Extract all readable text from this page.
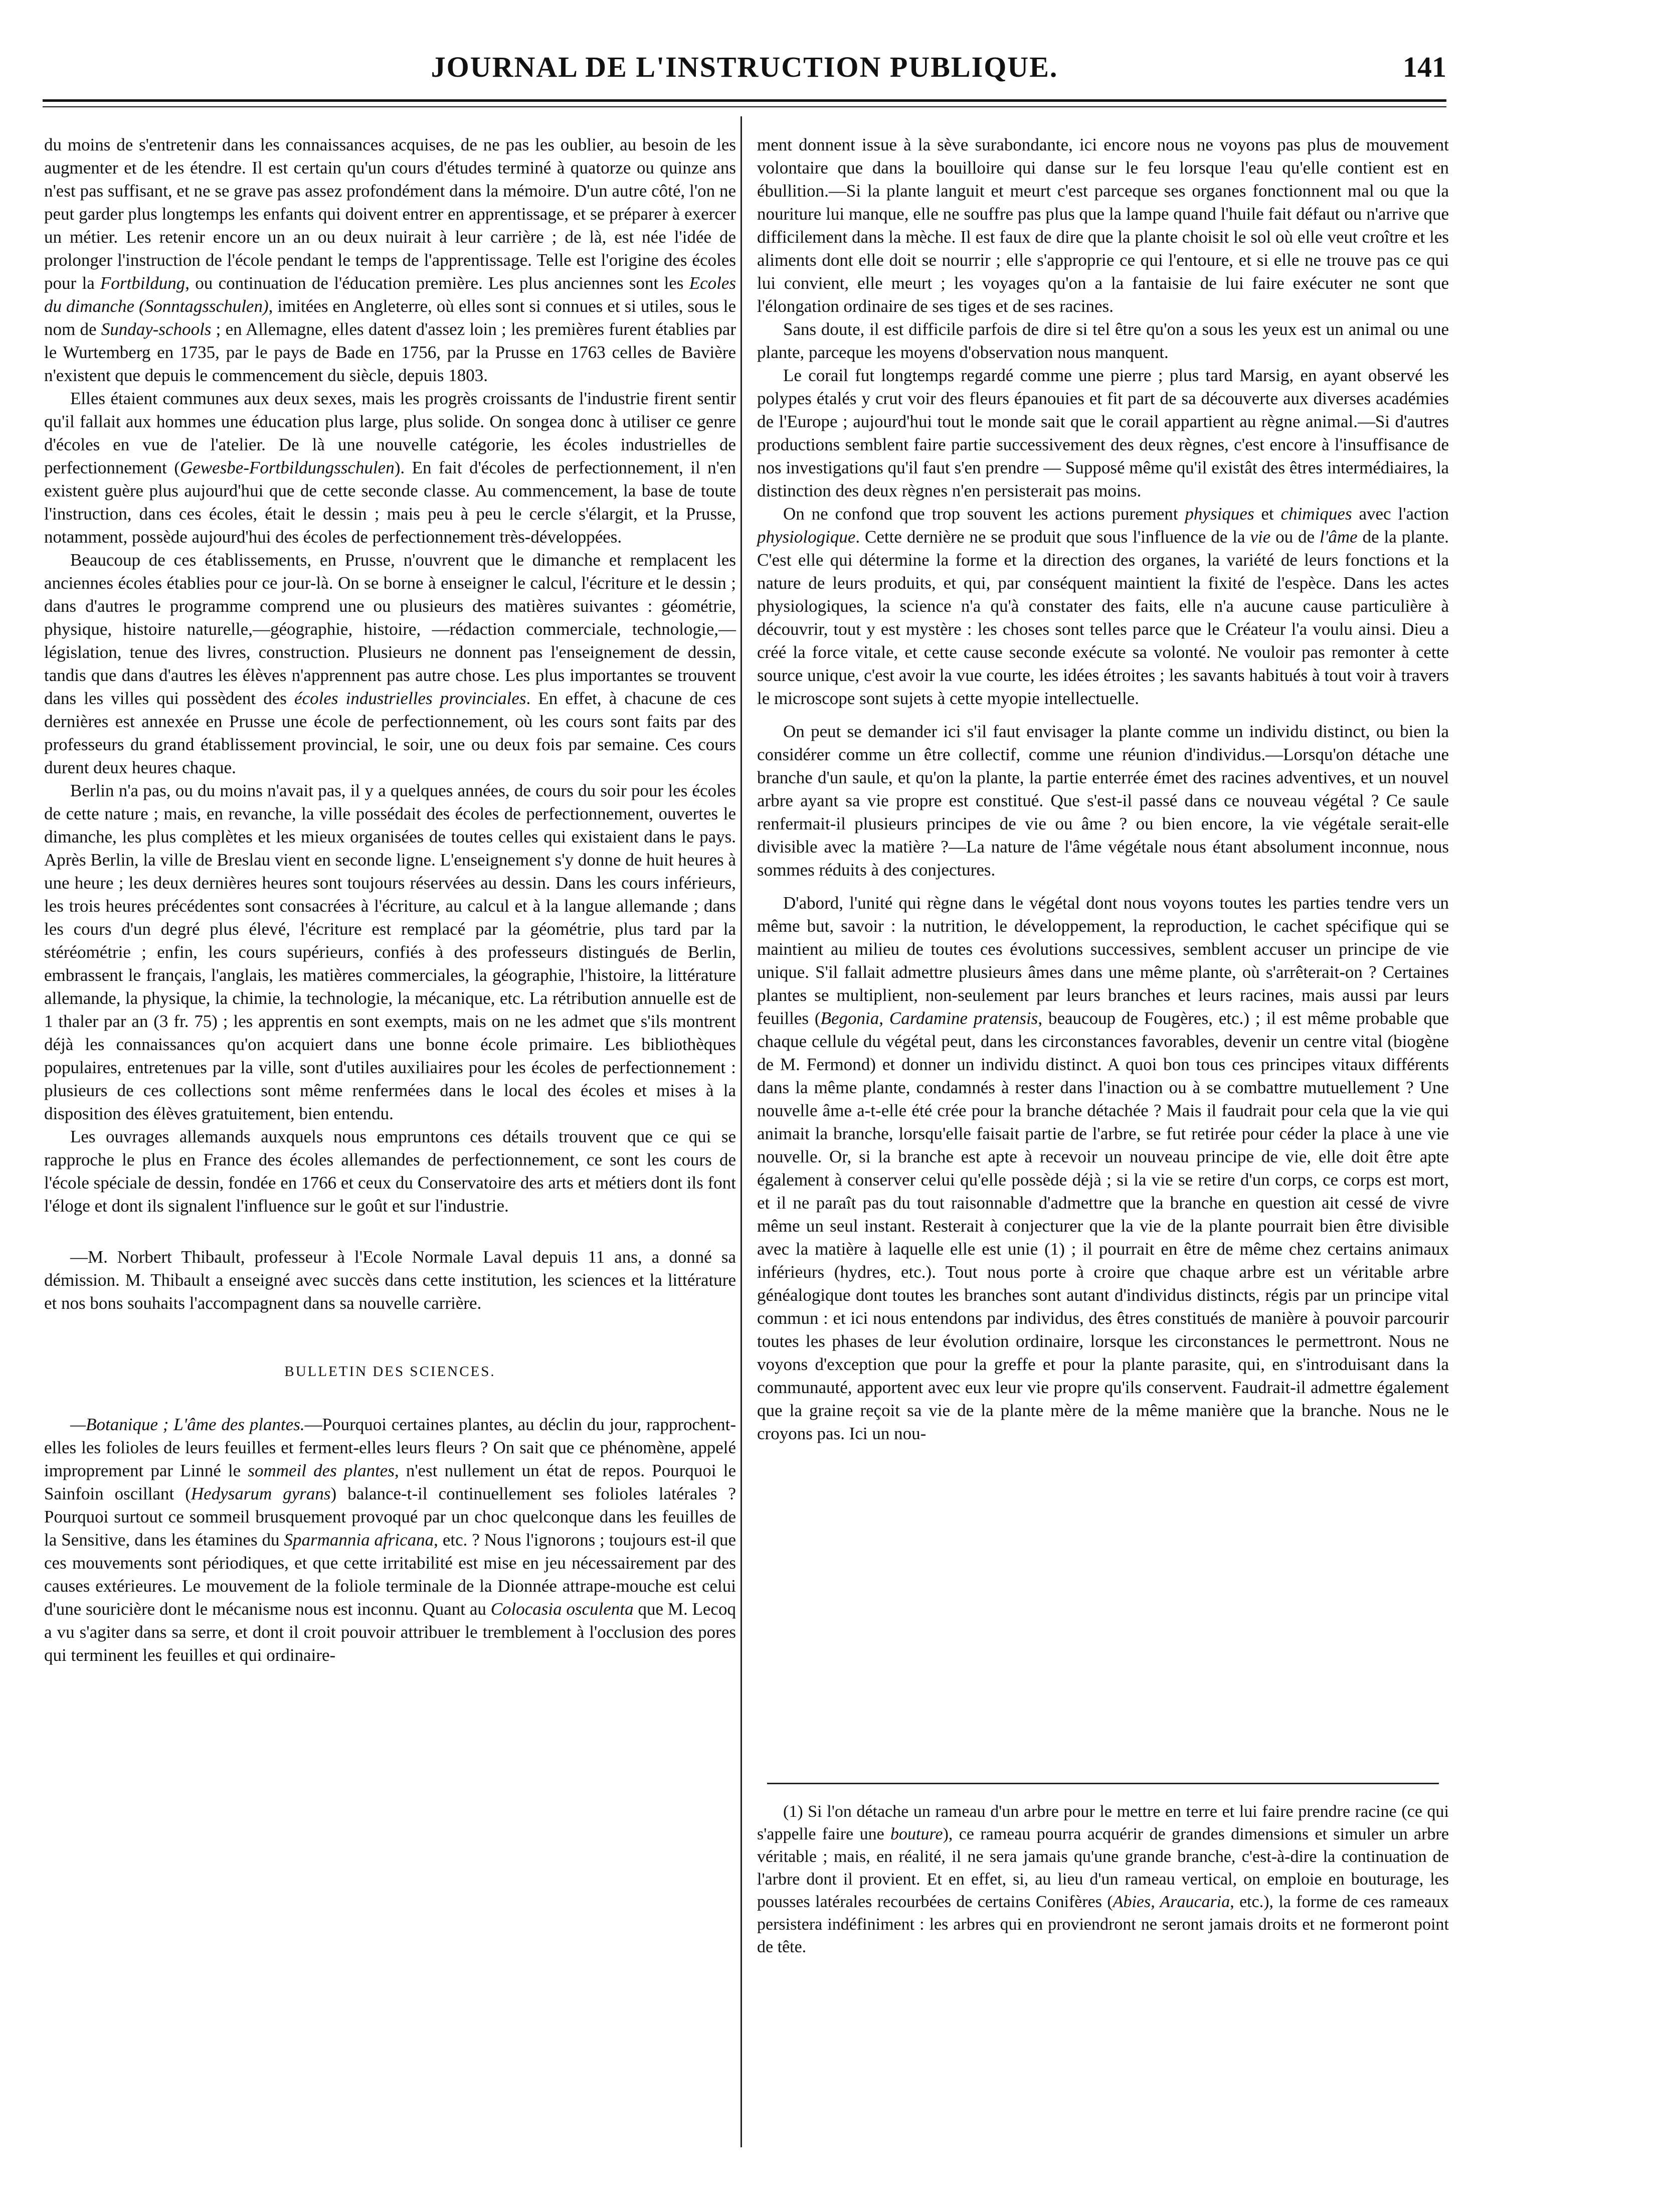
JOURNAL DE L'INSTRUCTION PUBLIQUE.	141

du moins de s'entretenir dans les connaissances acquises, de ne pas les oublier, au besoin de les augmenter et de les étendre. Il est certain qu'un cours d'études terminé à quatorze ou quinze ans n'est pas suffisant, et ne se grave pas assez profondément dans la mémoire. D'un autre côté, l'on ne peut garder plus longtemps les enfants qui doivent entrer en apprentissage, et se préparer à exercer un métier. Les retenir encore un an ou deux nuirait à leur carrière ; de là, est née l'idée de prolonger l'instruction de l'école pendant le temps de l'apprentissage. Telle est l'origine des écoles pour la Fortbildung, ou continuation de l'éducation première. Les plus anciennes sont les Ecoles du dimanche (Sonntagsschulen), imitées en Angleterre, où elles sont si connues et si utiles, sous le nom de Sunday-schools ; en Allemagne, elles datent d'assez loin ; les premières furent établies par le Wurtemberg en 1735, par le pays de Bade en 1756, par la Prusse en 1763 celles de Bavière n'existent que depuis le commencement du siècle, depuis 1803.

Elles étaient communes aux deux sexes, mais les progrès croissants de l'industrie firent sentir qu'il fallait aux hommes une éducation plus large, plus solide. On songea donc à utiliser ce genre d'écoles en vue de l'atelier. De là une nouvelle catégorie, les écoles industrielles de perfectionnement (Gewesbe-Fortbildungsschulen). En fait d'écoles de perfectionnement, il n'en existent guère plus aujourd'hui que de cette seconde classe. Au commencement, la base de toute l'instruction, dans ces écoles, était le dessin ; mais peu à peu le cercle s'élargit, et la Prusse, notamment, possède aujourd'hui des écoles de perfectionnement très-développées.

Beaucoup de ces établissements, en Prusse, n'ouvrent que le dimanche et remplacent les anciennes écoles établies pour ce jour-là. On se borne à enseigner le calcul, l'écriture et le dessin ; dans d'autres le programme comprend une ou plusieurs des matières suivantes : géométrie, physique, histoire naturelle,—géographie, histoire, —rédaction commerciale, technologie,—législation, tenue des livres, construction. Plusieurs ne donnent pas l'enseignement de dessin, tandis que dans d'autres les élèves n'apprennent pas autre chose. Les plus importantes se trouvent dans les villes qui possèdent des écoles industrielles provinciales. En effet, à chacune de ces dernières est annexée en Prusse une école de perfectionnement, où les cours sont faits par des professeurs du grand établissement provincial, le soir, une ou deux fois par semaine. Ces cours durent deux heures chaque.

Berlin n'a pas, ou du moins n'avait pas, il y a quelques années, de cours du soir pour les écoles de cette nature ; mais, en revanche, la ville possédait des écoles de perfectionnement, ouvertes le dimanche, les plus complètes et les mieux organisées de toutes celles qui existaient dans le pays. Après Berlin, la ville de Breslau vient en seconde ligne. L'enseignement s'y donne de huit heures à une heure ; les deux dernières heures sont toujours réservées au dessin. Dans les cours inférieurs, les trois heures précédentes sont consacrées à l'écriture, au calcul et à la langue allemande ; dans les cours d'un degré plus élevé, l'écriture est remplacé par la géométrie, plus tard par la stéréométrie ; enfin, les cours supérieurs, confiés à des professeurs distingués de Berlin, embrassent le français, l'anglais, les matières commerciales, la géographie, l'histoire, la littérature allemande, la physique, la chimie, la technologie, la mécanique, etc. La rétribution annuelle est de 1 thaler par an (3 fr. 75) ; les apprentis en sont exempts, mais on ne les admet que s'ils montrent déjà les connaissances qu'on acquiert dans une bonne école primaire. Les bibliothèques populaires, entretenues par la ville, sont d'utiles auxiliaires pour les écoles de perfectionnement : plusieurs de ces collections sont même renfermées dans le local des écoles et mises à la disposition des élèves gratuitement, bien entendu.

Les ouvrages allemands auxquels nous empruntons ces détails trouvent que ce qui se rapproche le plus en France des écoles allemandes de perfectionnement, ce sont les cours de l'école spéciale de dessin, fondée en 1766 et ceux du Conservatoire des arts et métiers dont ils font l'éloge et dont ils signalent l'influence sur le goût et sur l'industrie.

—M. Norbert Thibault, professeur à l'Ecole Normale Laval depuis 11 ans, a donné sa démission. M. Thibault a enseigné avec succès dans cette institution, les sciences et la littérature et nos bons souhaits l'accompagnent dans sa nouvelle carrière.

BULLETIN DES SCIENCES.

—Botanique ; L'âme des plantes.—Pourquoi certaines plantes, au déclin du jour, rapprochent-elles les folioles de leurs feuilles et ferment-elles leurs fleurs ? On sait que ce phénomène, appelé improprement par Linné le sommeil des plantes, n'est nullement un état de repos. Pourquoi le Sainfoin oscillant (Hedysarum gyrans) balance-t-il continuellement ses folioles latérales ? Pourquoi surtout ce sommeil brusquement provoqué par un choc quelconque dans les feuilles de la Sensitive, dans les étamines du Sparmannia africana, etc. ? Nous l'ignorons ; toujours est-il que ces mouvements sont périodiques, et que cette irritabilité est mise en jeu nécessairement par des causes extérieures. Le mouvement de la foliole terminale de la Dionnée attrape-mouche est celui d'une souricière dont le mécanisme nous est inconnu. Quant au Colocasia osculenta que M. Lecoq a vu s'agiter dans sa serre, et dont il croit pouvoir attribuer le tremblement à l'occlusion des pores qui terminent les feuilles et qui ordinaire-

ment donnent issue à la sève surabondante, ici encore nous ne voyons pas plus de mouvement volontaire que dans la bouilloire qui danse sur le feu lorsque l'eau qu'elle contient est en ébullition.—Si la plante languit et meurt c'est parceque ses organes fonctionnent mal ou que la nouriture lui manque, elle ne souffre pas plus que la lampe quand l'huile fait défaut ou n'arrive que difficilement dans la mèche. Il est faux de dire que la plante choisit le sol où elle veut croître et les aliments dont elle doit se nourrir ; elle s'approprie ce qui l'entoure, et si elle ne trouve pas ce qui lui convient, elle meurt ; les voyages qu'on a la fantaisie de lui faire exécuter ne sont que l'élongation ordinaire de ses tiges et de ses racines.

Sans doute, il est difficile parfois de dire si tel être qu'on a sous les yeux est un animal ou une plante, parceque les moyens d'observation nous manquent.

Le corail fut longtemps regardé comme une pierre ; plus tard Marsig, en ayant observé les polypes étalés y crut voir des fleurs épanouies et fit part de sa découverte aux diverses académies de l'Europe ; aujourd'hui tout le monde sait que le corail appartient au règne animal.—Si d'autres productions semblent faire partie successivement des deux règnes, c'est encore à l'insuffisance de nos investigations qu'il faut s'en prendre — Supposé même qu'il existât des êtres intermédiaires, la distinction des deux règnes n'en persisterait pas moins.

On ne confond que trop souvent les actions purement physiques et chimiques avec l'action physiologique. Cette dernière ne se produit que sous l'influence de la vie ou de l'âme de la plante. C'est elle qui détermine la forme et la direction des organes, la variété de leurs fonctions et la nature de leurs produits, et qui, par conséquent maintient la fixité de l'espèce. Dans les actes physiologiques, la science n'a qu'à constater des faits, elle n'a aucune cause particulière à découvrir, tout y est mystère : les choses sont telles parce que le Créateur l'a voulu ainsi. Dieu a créé la force vitale, et cette cause seconde exécute sa volonté. Ne vouloir pas remonter à cette source unique, c'est avoir la vue courte, les idées étroites ; les savants habitués à tout voir à travers le microscope sont sujets à cette myopie intellectuelle.

On peut se demander ici s'il faut envisager la plante comme un individu distinct, ou bien la considérer comme un être collectif, comme une réunion d'individus.—Lorsqu'on détache une branche d'un saule, et qu'on la plante, la partie enterrée émet des racines adventives, et un nouvel arbre ayant sa vie propre est constitué. Que s'est-il passé dans ce nouveau végétal ? Ce saule renfermait-il plusieurs principes de vie ou âme ? ou bien encore, la vie végétale serait-elle divisible avec la matière ?—La nature de l'âme végétale nous étant absolument inconnue, nous sommes réduits à des conjectures.

D'abord, l'unité qui règne dans le végétal dont nous voyons toutes les parties tendre vers un même but, savoir : la nutrition, le développement, la reproduction, le cachet spécifique qui se maintient au milieu de toutes ces évolutions successives, semblent accuser un principe de vie unique. S'il fallait admettre plusieurs âmes dans une même plante, où s'arrêterait-on ? Certaines plantes se multiplient, non-seulement par leurs branches et leurs racines, mais aussi par leurs feuilles (Begonia, Cardamine pratensis, beaucoup de Fougères, etc.) ; il est même probable que chaque cellule du végétal peut, dans les circonstances favorables, devenir un centre vital (biogène de M. Fermond) et donner un individu distinct. A quoi bon tous ces principes vitaux différents dans la même plante, condamnés à rester dans l'inaction ou à se combattre mutuellement ? Une nouvelle âme a-t-elle été crée pour la branche détachée ? Mais il faudrait pour cela que la vie qui animait la branche, lorsqu'elle faisait partie de l'arbre, se fut retirée pour céder la place à une vie nouvelle. Or, si la branche est apte à recevoir un nouveau principe de vie, elle doit être apte également à conserver celui qu'elle possède déjà ; si la vie se retire d'un corps, ce corps est mort, et il ne paraît pas du tout raisonnable d'admettre que la branche en question ait cessé de vivre même un seul instant. Resterait à conjecturer que la vie de la plante pourrait bien être divisible avec la matière à laquelle elle est unie (1) ; il pourrait en être de même chez certains animaux inférieurs (hydres, etc.). Tout nous porte à croire que chaque arbre est un véritable arbre généalogique dont toutes les branches sont autant d'individus distincts, régis par un principe vital commun : et ici nous entendons par individus, des êtres constitués de manière à pouvoir parcourir toutes les phases de leur évolution ordinaire, lorsque les circonstances le permettront. Nous ne voyons d'exception que pour la greffe et pour la plante parasite, qui, en s'introduisant dans la communauté, apportent avec eux leur vie propre qu'ils conservent. Faudrait-il admettre également que la graine reçoit sa vie de la plante mère de la même manière que la branche. Nous ne le croyons pas. Ici un nou-

(1) Si l'on détache un rameau d'un arbre pour le mettre en terre et lui faire prendre racine (ce qui s'appelle faire une bouture), ce rameau pourra acquérir de grandes dimensions et simuler un arbre véritable ; mais, en réalité, il ne sera jamais qu'une grande branche, c'est-à-dire la continuation de l'arbre dont il provient. Et en effet, si, au lieu d'un rameau vertical, on emploie en bouturage, les pousses latérales recourbées de certains Conifères (Abies, Araucaria, etc.), la forme de ces rameaux persistera indéfiniment : les arbres qui en proviendront ne seront jamais droits et ne formeront point de tête.
